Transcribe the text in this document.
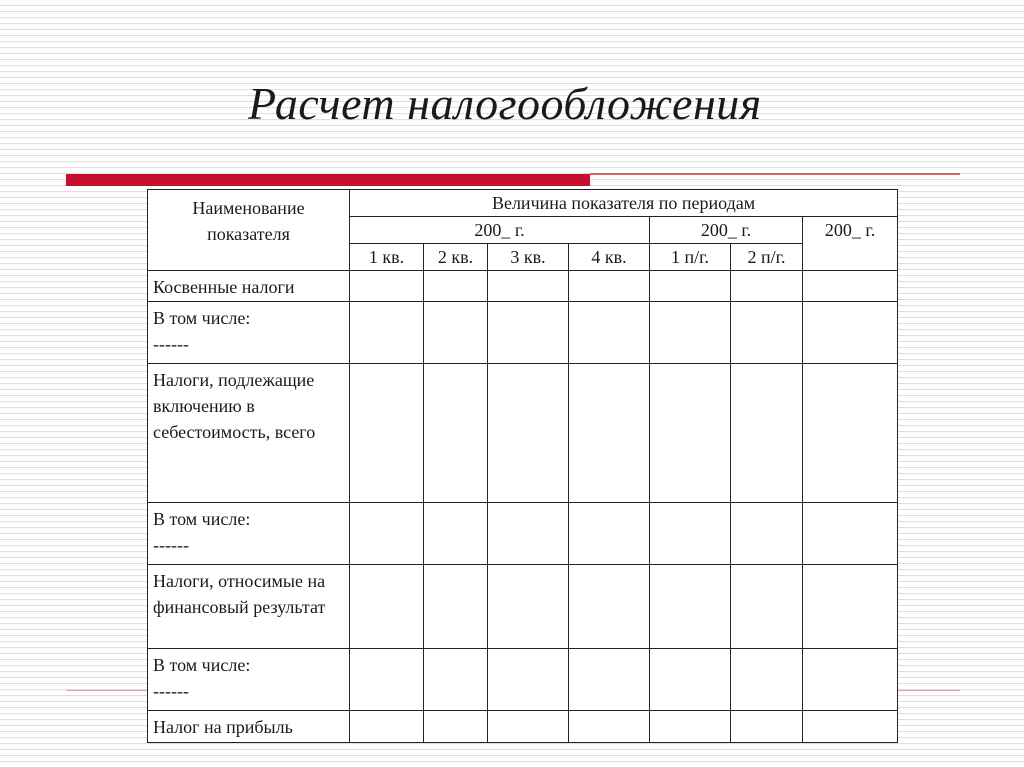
Расчет налогообложения
Наименование показателя	Величина показателя по периодам						
	200_ г.				200_ г.		200_ г.
	1 кв.	2 кв.	3 кв.	4 кв.	1 п/г.	2 п/г.	

Косвенные налоги							

В том числе:
------							

Налоги, подлежащие включению в себестоимость, всего							

В том числе:
------							

Налоги, относимые на финансовый результат							

В том числе:
------							

Налог на прибыль							
